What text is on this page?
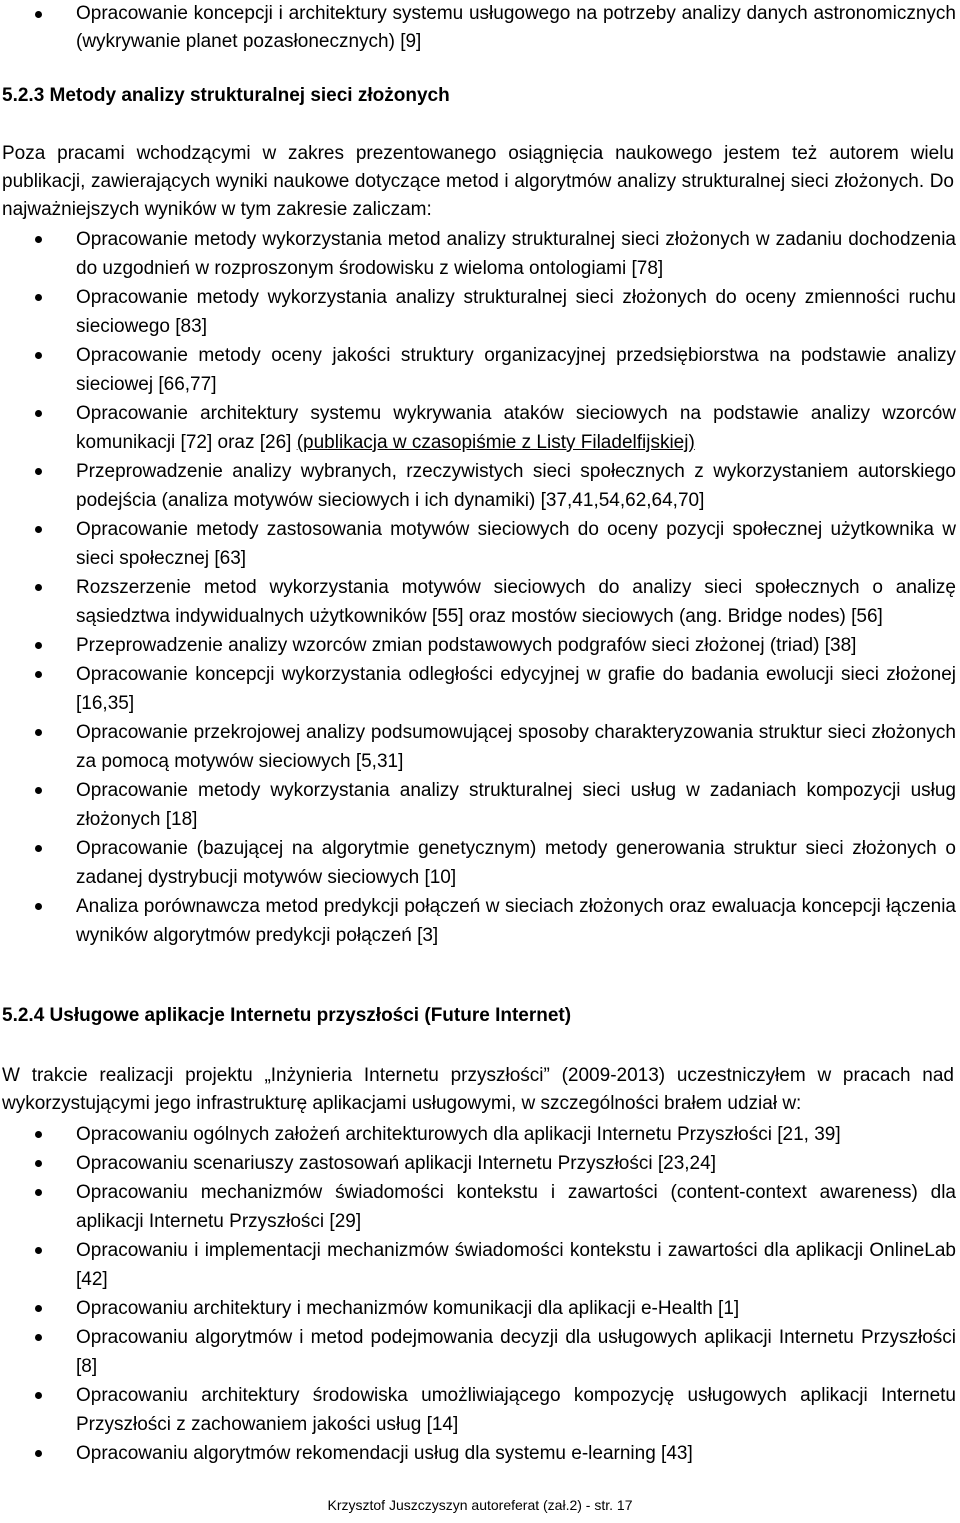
Opracowanie koncepcji i architektury systemu usługowego na potrzeby analizy danych astronomicznych (wykrywanie planet pozasłonecznych) [9]
5.2.3 Metody analizy strukturalnej sieci złożonych

Poza pracami wchodzącymi w zakres prezentowanego osiągnięcia naukowego jestem też autorem wielu publikacji, zawierających wyniki naukowe dotyczące metod i algorytmów analizy strukturalnej sieci złożonych. Do najważniejszych wyników w tym zakresie zaliczam:

Opracowanie metody wykorzystania metod analizy strukturalnej sieci złożonych w zadaniu dochodzenia do uzgodnień w rozproszonym środowisku z wieloma ontologiami [78]
Opracowanie metody wykorzystania analizy strukturalnej sieci złożonych do oceny zmienności ruchu sieciowego [83]
Opracowanie metody oceny jakości struktury organizacyjnej przedsiębiorstwa na podstawie analizy sieciowej [66,77]
Opracowanie architektury systemu wykrywania ataków sieciowych na podstawie analizy wzorców komunikacji [72] oraz [26] (publikacja w czasopiśmie z Listy Filadelfijskiej)
Przeprowadzenie analizy wybranych, rzeczywistych sieci społecznych z wykorzystaniem autorskiego podejścia (analiza motywów sieciowych i ich dynamiki) [37,41,54,62,64,70]
Opracowanie metody zastosowania motywów sieciowych do oceny pozycji społecznej użytkownika w sieci społecznej [63]
Rozszerzenie metod wykorzystania motywów sieciowych do analizy sieci społecznych o analizę sąsiedztwa indywidualnych użytkowników [55] oraz mostów sieciowych (ang. Bridge nodes) [56]
Przeprowadzenie analizy wzorców zmian podstawowych podgrafów sieci złożonej (triad) [38]
Opracowanie koncepcji wykorzystania odległości edycyjnej w grafie do badania ewolucji sieci złożonej [16,35]
Opracowanie przekrojowej analizy podsumowującej sposoby charakteryzowania struktur sieci złożonych za pomocą motywów sieciowych [5,31]
Opracowanie metody wykorzystania analizy strukturalnej sieci usług w zadaniach kompozycji usług złożonych [18]
Opracowanie (bazującej na algorytmie genetycznym) metody generowania struktur sieci złożonych o zadanej dystrybucji motywów sieciowych [10]
Analiza porównawcza metod predykcji połączeń w sieciach złożonych oraz ewaluacja koncepcji łączenia wyników algorytmów predykcji połączeń [3]
5.2.4 Usługowe aplikacje Internetu przyszłości (Future Internet)

W trakcie realizacji projektu „Inżynieria Internetu przyszłości” (2009-2013) uczestniczyłem w pracach nad wykorzystującymi jego infrastrukturę aplikacjami usługowymi, w szczególności brałem udział w:

Opracowaniu ogólnych założeń architekturowych dla aplikacji Internetu Przyszłości [21, 39]
Opracowaniu scenariuszy zastosowań aplikacji Internetu Przyszłości [23,24]
Opracowaniu mechanizmów świadomości kontekstu i zawartości (content-context awareness) dla aplikacji Internetu Przyszłości [29]
Opracowaniu i implementacji mechanizmów świadomości kontekstu i zawartości dla aplikacji OnlineLab [42]
Opracowaniu architektury i mechanizmów komunikacji dla aplikacji e-Health [1]
Opracowaniu algorytmów i metod podejmowania decyzji dla usługowych aplikacji Internetu Przyszłości [8]
Opracowaniu architektury środowiska umożliwiającego kompozycję usługowych aplikacji Internetu Przyszłości z zachowaniem jakości usług [14]
Opracowaniu algorytmów rekomendacji usług dla systemu e-learning [43]
Krzysztof Juszczyszyn autoreferat (zał.2) - str. 17
